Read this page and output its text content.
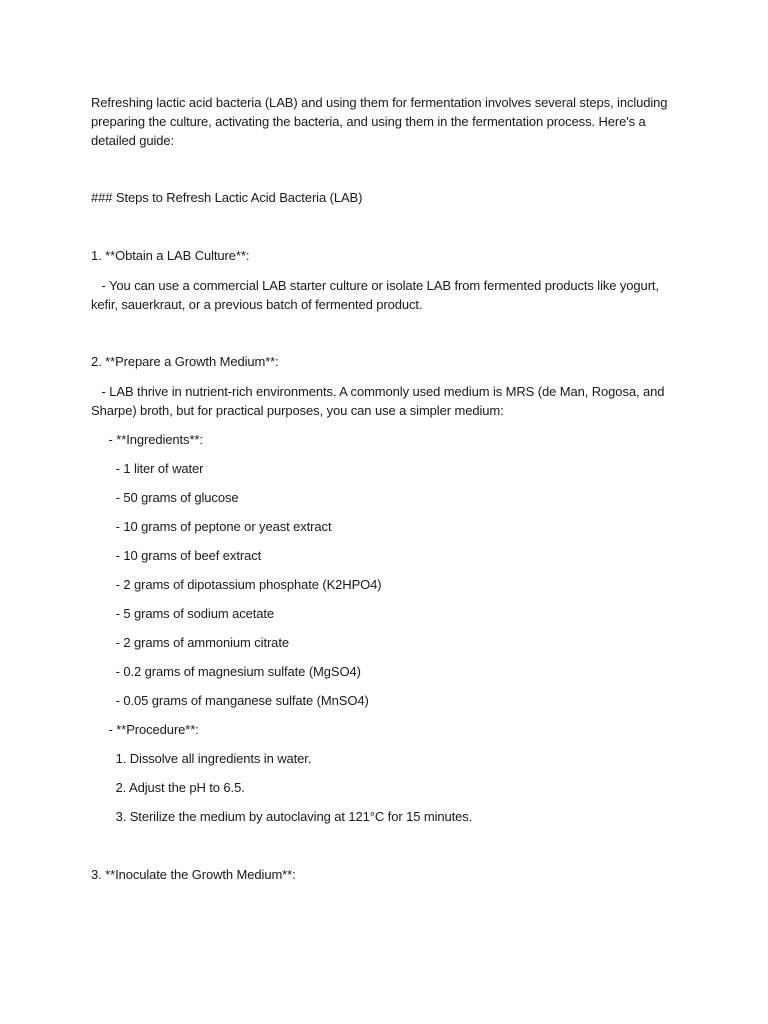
Refreshing lactic acid bacteria (LAB) and using them for fermentation involves several steps, including
preparing the culture, activating the bacteria, and using them in the fermentation process. Here's a
detailed guide:
### Steps to Refresh Lactic Acid Bacteria (LAB)
1. **Obtain a LAB Culture**:
- You can use a commercial LAB starter culture or isolate LAB from fermented products like yogurt,
kefir, sauerkraut, or a previous batch of fermented product.
2. **Prepare a Growth Medium**:
- LAB thrive in nutrient-rich environments. A commonly used medium is MRS (de Man, Rogosa, and
Sharpe) broth, but for practical purposes, you can use a simpler medium:
- **Ingredients**:
- 1 liter of water
- 50 grams of glucose
- 10 grams of peptone or yeast extract
- 10 grams of beef extract
- 2 grams of dipotassium phosphate (K2HPO4)
- 5 grams of sodium acetate
- 2 grams of ammonium citrate
- 0.2 grams of magnesium sulfate (MgSO4)
- 0.05 grams of manganese sulfate (MnSO4)
- **Procedure**:
1. Dissolve all ingredients in water.
2. Adjust the pH to 6.5.
3. Sterilize the medium by autoclaving at 121°C for 15 minutes.
3. **Inoculate the Growth Medium**:
